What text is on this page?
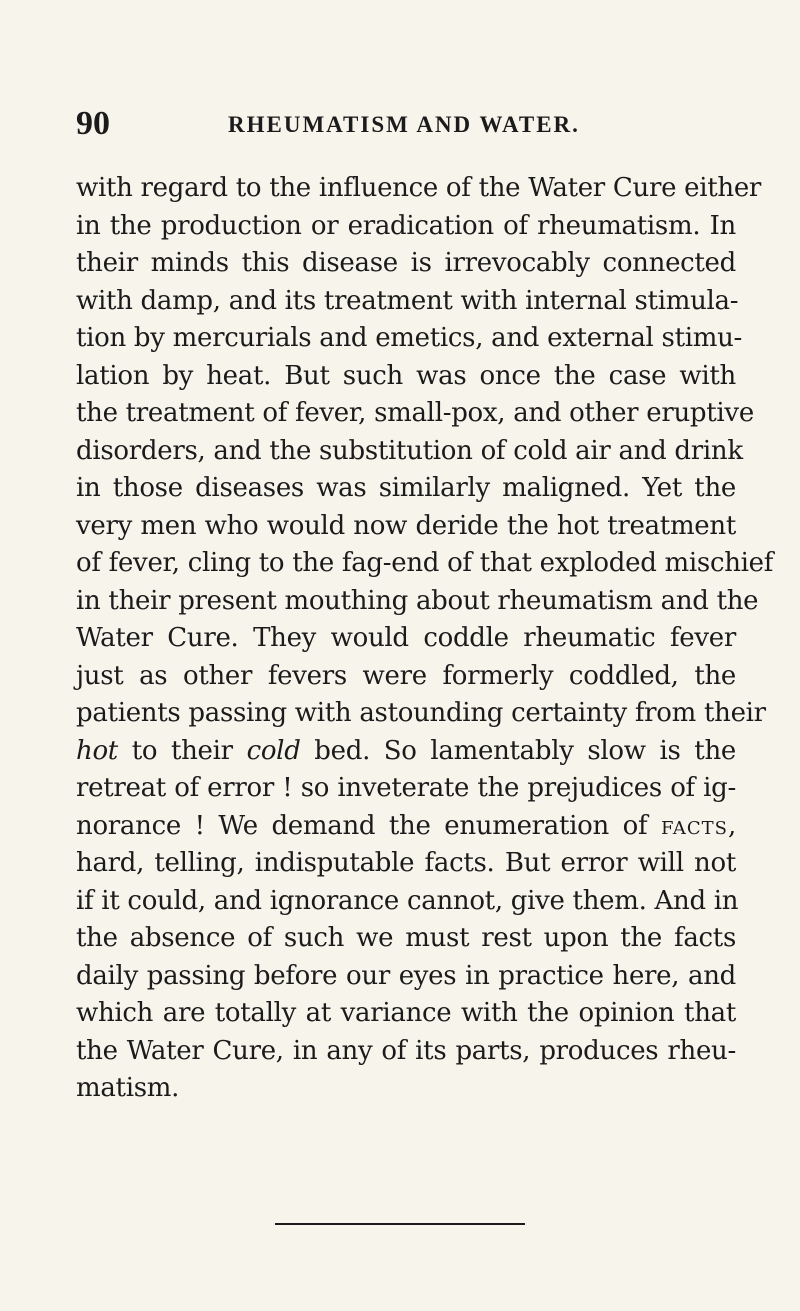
90	RHEUMATISM AND WATER.
with regard to the influence of the Water Cure either
in the production or eradication of rheumatism. In
their minds this disease is irrevocably connected
with damp, and its treatment with internal stimula-
tion by mercurials and emetics, and external stimu-
lation by heat. But such was once the case with
the treatment of fever, small-pox, and other eruptive
disorders, and the substitution of cold air and drink
in those diseases was similarly maligned. Yet the
very men who would now deride the hot treatment
of fever, cling to the fag-end of that exploded mischief
in their present mouthing about rheumatism and the
Water Cure. They would coddle rheumatic fever
just as other fevers were formerly coddled, the
patients passing with astounding certainty from their
hot to their cold bed. So lamentably slow is the
retreat of error ! so inveterate the prejudices of ig-
norance ! We demand the enumeration of facts,
hard, telling, indisputable facts. But error will not
if it could, and ignorance cannot, give them. And in
the absence of such we must rest upon the facts
daily passing before our eyes in practice here, and
which are totally at variance with the opinion that
the Water Cure, in any of its parts, produces rheu-
matism.
